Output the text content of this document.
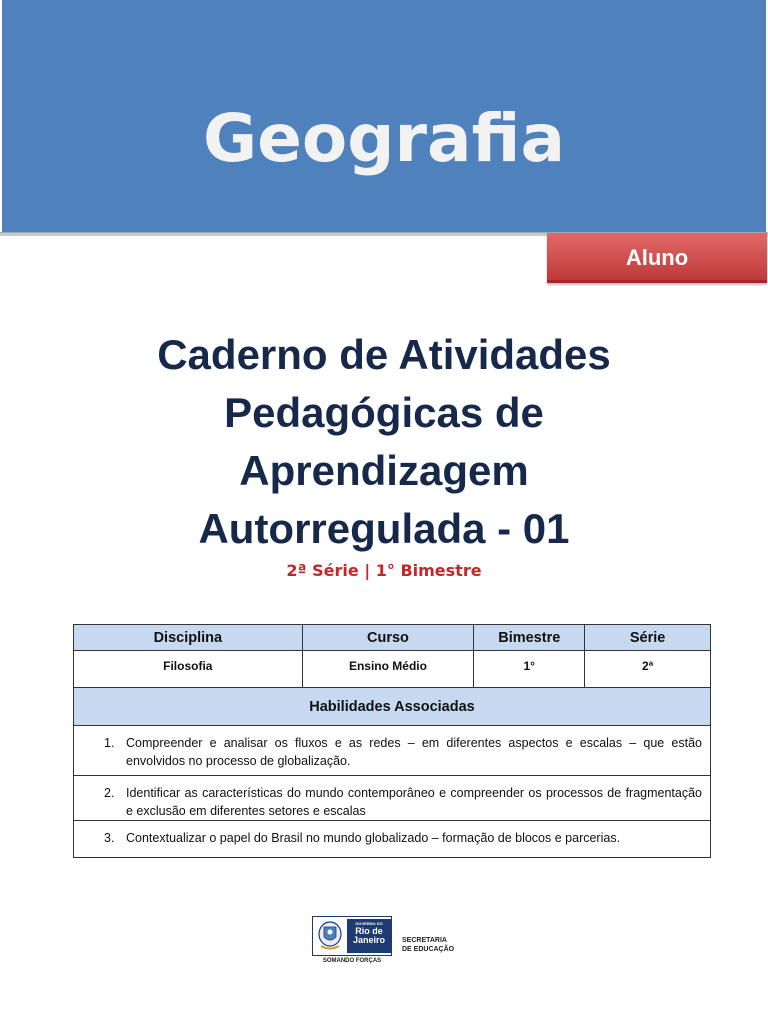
Geografia
Aluno
Caderno de Atividades
Pedagógicas de
Aprendizagem
Autorregulada - 01
2ª Série | 1° Bimestre
Disciplina	Curso	Bimestre	Série
Filosofia	Ensino Médio	1°	2ª
Habilidades Associadas			

1. Compreender e analisar os fluxos e as redes – em diferentes aspectos e escalas – que estão envolvidos no processo de globalização.			

2. Identificar as características do mundo contemporâneo e compreender os processos de fragmentação e exclusão em diferentes setores e escalas			

3. Contextualizar o papel do Brasil no mundo globalizado – formação de blocos e parcerias.			
GOVERNO DO
Rio de
Janeiro
SOMANDO FORÇAS
SECRETARIA
DE EDUCAÇÃO
